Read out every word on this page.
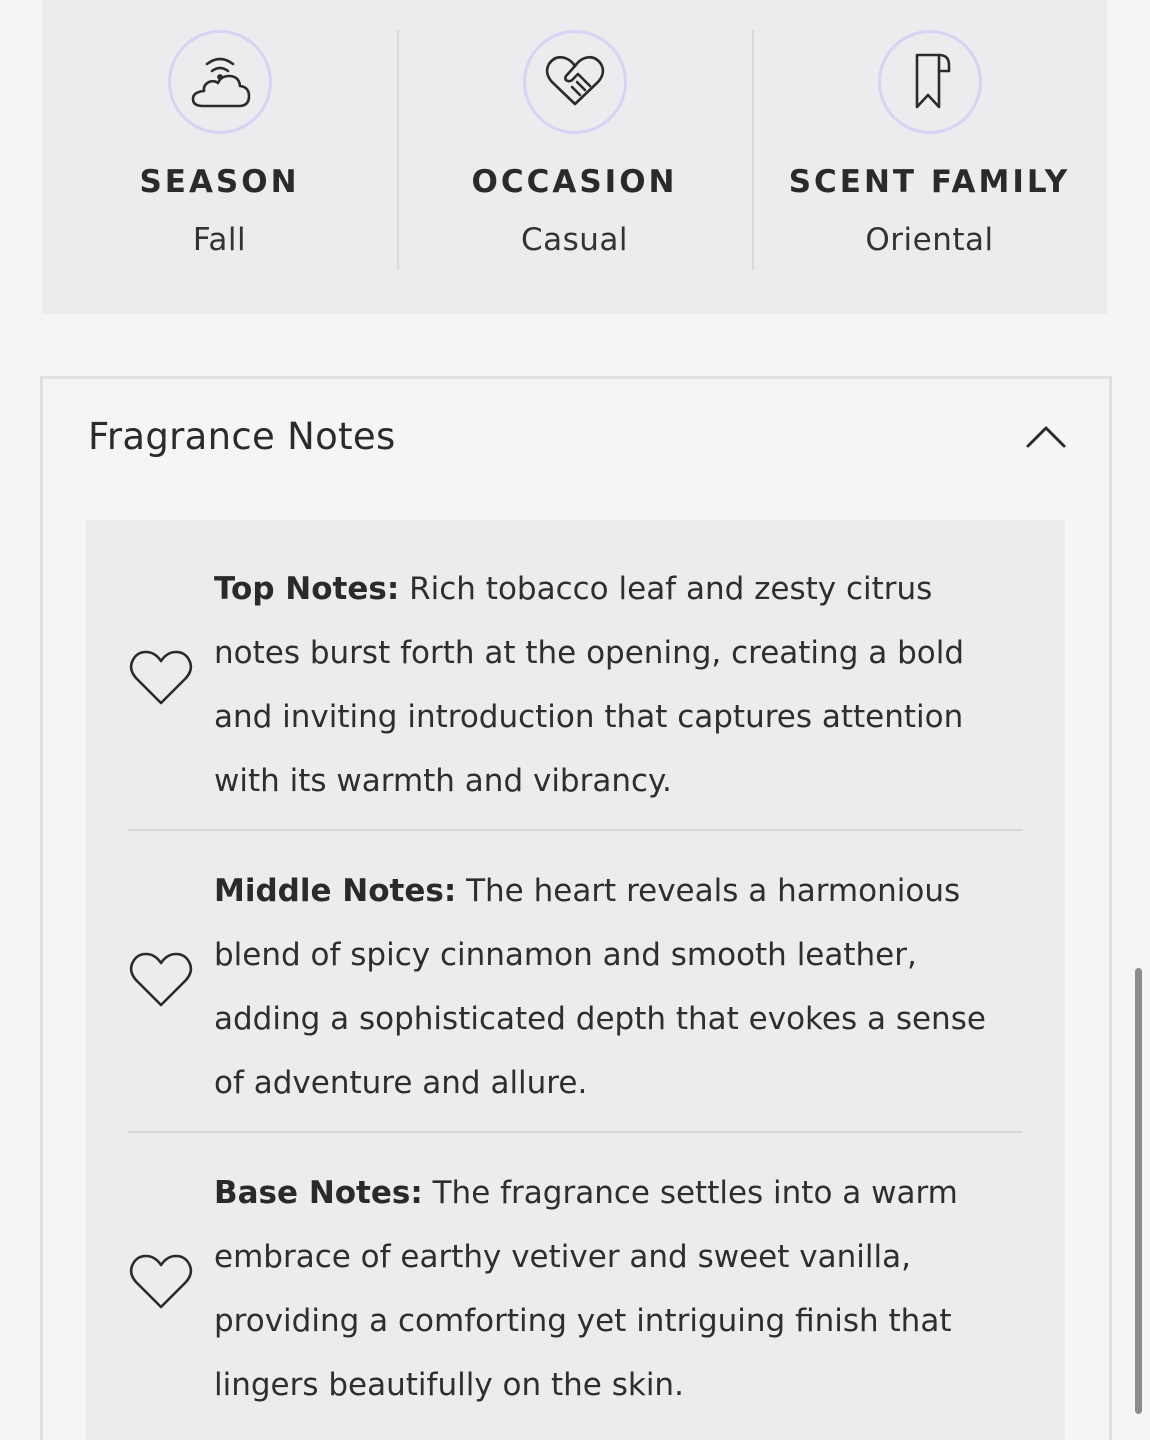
SEASON
Fall
OCCASION
Casual
SCENT FAMILY
Oriental
Fragrance Notes
Top Notes: Rich tobacco leaf and zesty citrus notes burst forth at the opening, creating a bold and inviting introduction that captures attention with its warmth and vibrancy.
Middle Notes: The heart reveals a harmonious blend of spicy cinnamon and smooth leather, adding a sophisticated depth that evokes a sense of adventure and allure.
Base Notes: The fragrance settles into a warm embrace of earthy vetiver and sweet vanilla, providing a comforting yet intriguing finish that lingers beautifully on the skin.
